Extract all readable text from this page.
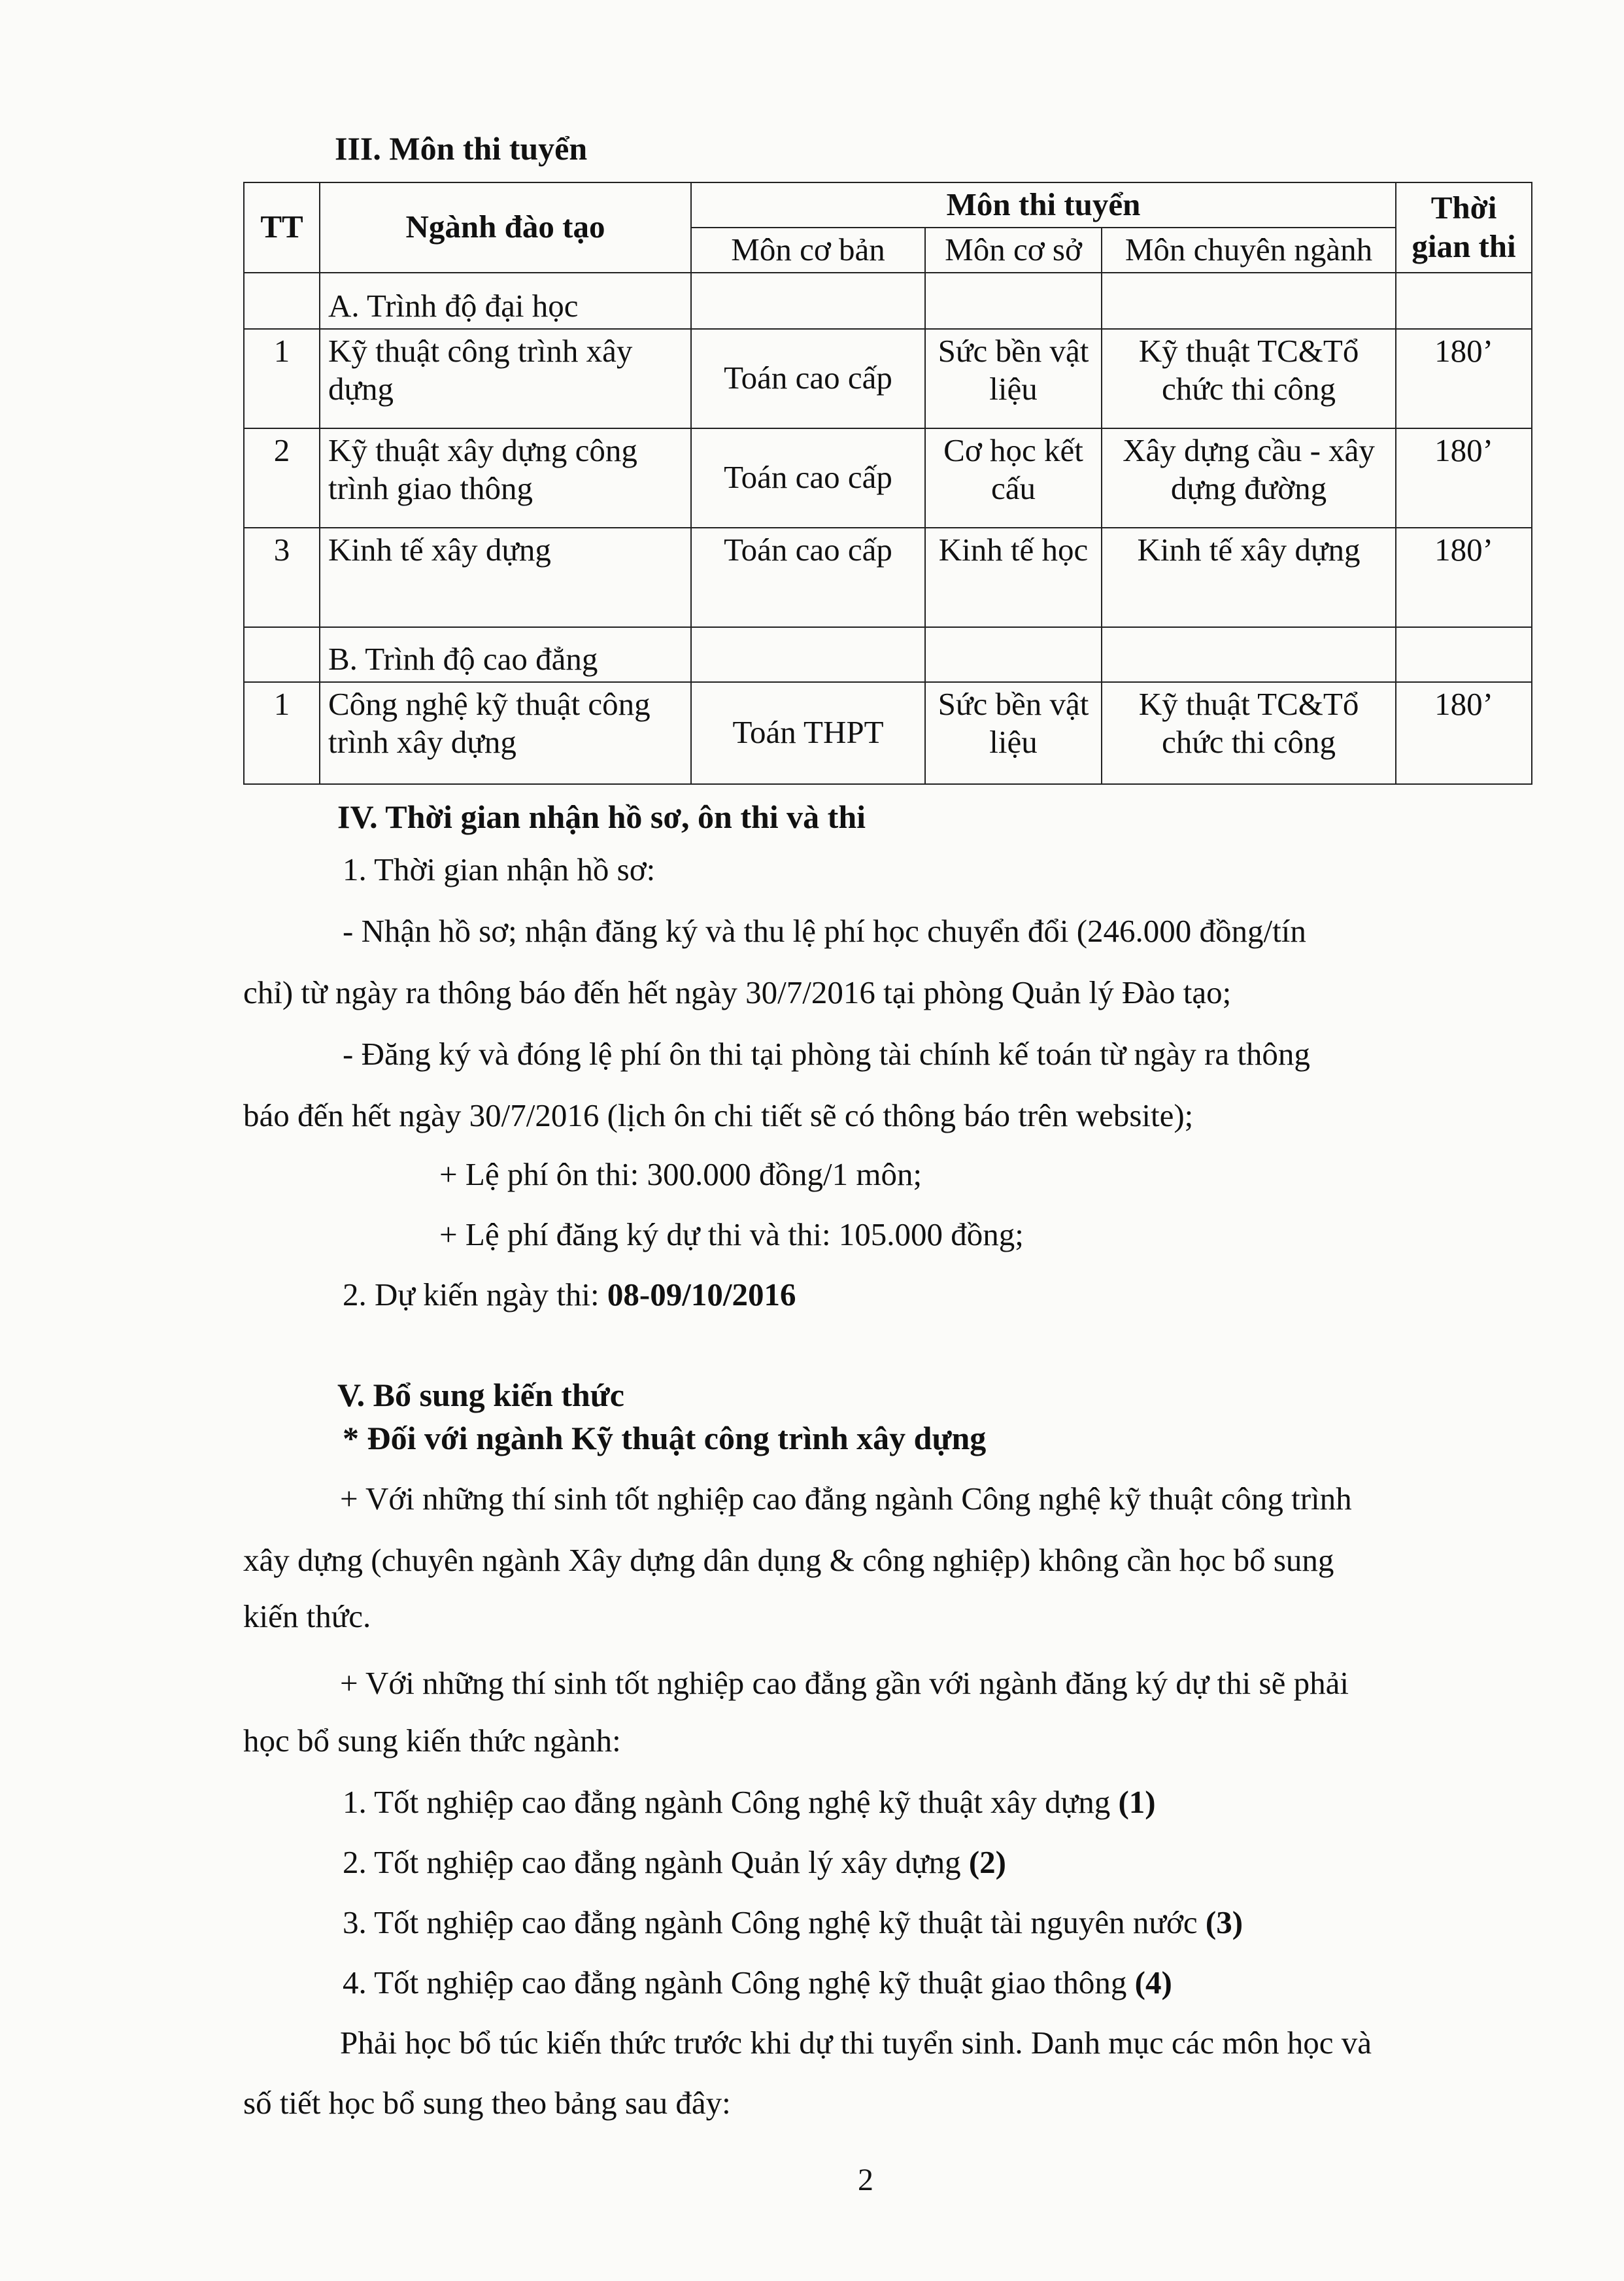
III. Môn thi tuyển
TT	Ngành đào tạo	Môn thi tuyển			Thời
gian thi
		Môn cơ bản	Môn cơ sở	Môn chuyên ngành	
	A. Trình độ đại học				
1	Kỹ thuật công trình xây dựng	Toán cao cấp	Sức bền vật liệu	Kỹ thuật TC&Tổ chức thi công	180’
2	Kỹ thuật xây dựng công trình giao thông	Toán cao cấp	Cơ học kết cấu	Xây dựng cầu - xây dựng đường	180’
3	Kinh tế xây dựng	Toán cao cấp	Kinh tế học	Kinh tế xây dựng	180’
	B. Trình độ cao đẳng				
1	Công nghệ kỹ thuật công trình xây dựng	Toán THPT	Sức bền vật liệu	Kỹ thuật TC&Tổ chức thi công	180’
IV. Thời gian nhận hồ sơ, ôn thi và thi
1. Thời gian nhận hồ sơ:
- Nhận hồ sơ; nhận đăng ký và thu lệ phí học chuyển đổi (246.000 đồng/tín
chỉ) từ ngày ra thông báo đến hết ngày 30/7/2016 tại phòng Quản lý Đào tạo;
- Đăng ký và đóng lệ phí ôn thi tại phòng tài chính kế toán từ ngày ra thông
báo đến hết ngày 30/7/2016 (lịch ôn chi tiết sẽ có thông báo trên website);
+ Lệ phí ôn thi: 300.000 đồng/1 môn;
+ Lệ phí đăng ký dự thi và thi: 105.000 đồng;
2. Dự kiến ngày thi: 08-09/10/2016
V. Bổ sung kiến thức
* Đối với ngành Kỹ thuật công trình xây dựng
+ Với những thí sinh tốt nghiệp cao đẳng ngành Công nghệ kỹ thuật công trình
xây dựng (chuyên ngành Xây dựng dân dụng & công nghiệp) không cần học bổ sung
kiến thức.
+ Với những thí sinh tốt nghiệp cao đẳng gần với ngành đăng ký dự thi sẽ phải
học bổ sung kiến thức ngành:
1. Tốt nghiệp cao đẳng ngành Công nghệ kỹ thuật xây dựng (1)
2. Tốt nghiệp cao đẳng ngành Quản lý xây dựng (2)
3. Tốt nghiệp cao đẳng ngành Công nghệ kỹ thuật tài nguyên nước (3)
4. Tốt nghiệp cao đẳng ngành Công nghệ kỹ thuật giao thông (4)
Phải học bổ túc kiến thức trước khi dự thi tuyển sinh. Danh mục các môn học và
số tiết học bổ sung theo bảng sau đây:
2
